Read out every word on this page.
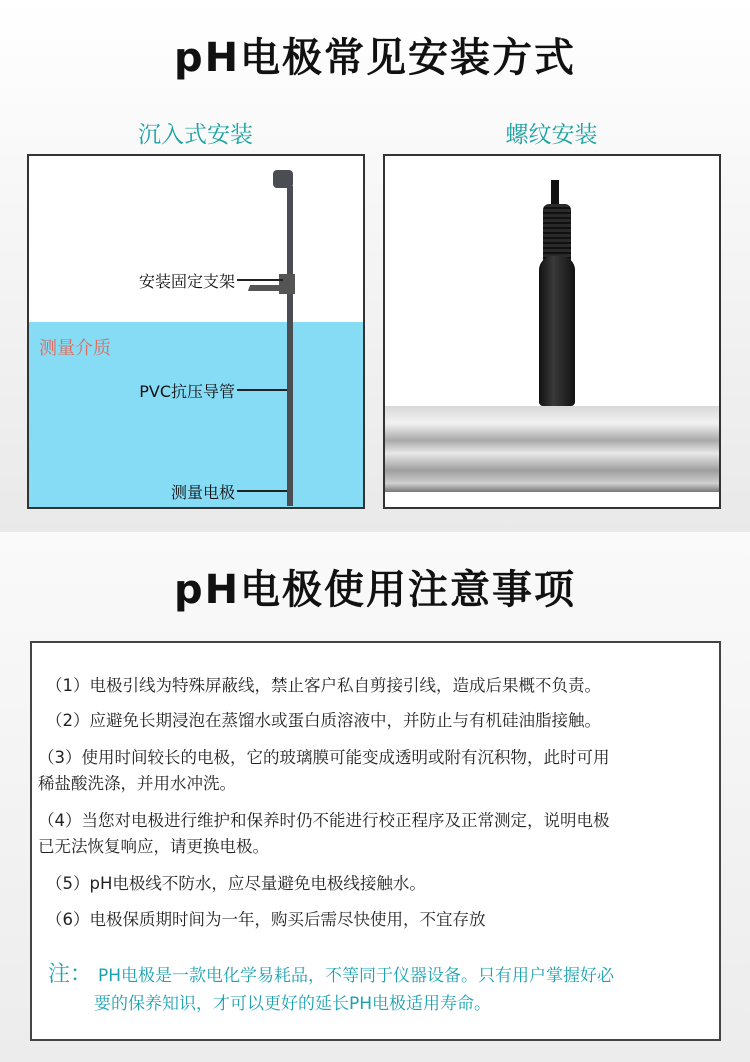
pH电极常见安装方式
沉入式安装	螺纹安装
测量介质
安装固定支架
PVC抗压导管
测量电极
pH电极使用注意事项
（1）电极引线为特殊屏蔽线，禁止客户私自剪接引线，造成后果概不负责。
（2）应避免长期浸泡在蒸馏水或蛋白质溶液中，并防止与有机硅油脂接触。
（3）使用时间较长的电极，它的玻璃膜可能变成透明或附有沉积物，此时可用
稀盐酸洗涤，并用水冲洗。
（4）当您对电极进行维护和保养时仍不能进行校正程序及正常测定，说明电极
已无法恢复响应，请更换电极。
（5）pH电极线不防水，应尽量避免电极线接触水。
（6）电极保质期时间为一年，购买后需尽快使用，不宜存放
注： PH电极是一款电化学易耗品，不等同于仪器设备。只有用户掌握好必
要的保养知识，才可以更好的延长PH电极适用寿命。
